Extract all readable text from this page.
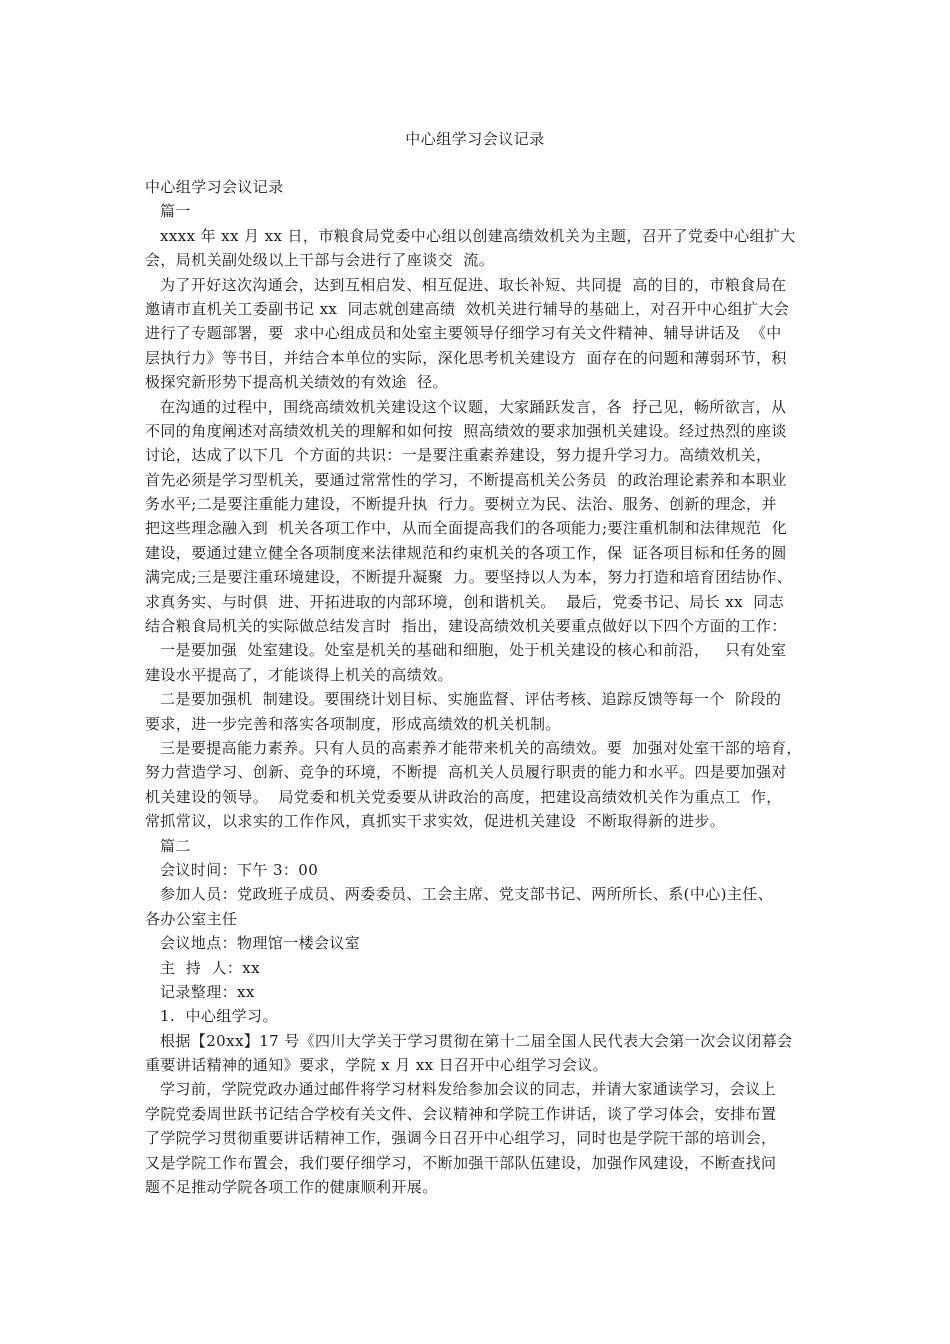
中心组学习会议记录
中心组学习会议记录
篇一
xxxx 年 xx 月 xx 日，市粮食局党委中心组以创建高绩效机关为主题，召开了党委中心组扩大
会，局机关副处级以上干部与会进行了座谈交  流。
为了开好这次沟通会，达到互相启发、相互促进、取长补短、共同提  高的目的，市粮食局在
邀请市直机关工委副书记 xx  同志就创建高绩  效机关进行辅导的基础上，对召开中心组扩大会
进行了专题部署，要  求中心组成员和处室主要领导仔细学习有关文件精神、辅导讲话及  《中
层执行力》等书目，并结合本单位的实际，深化思考机关建设方  面存在的问题和薄弱环节，积
极探究新形势下提高机关绩效的有效途  径。
在沟通的过程中，围绕高绩效机关建设这个议题，大家踊跃发言，各  抒己见，畅所欲言，从
不同的角度阐述对高绩效机关的理解和如何按  照高绩效的要求加强机关建设。经过热烈的座谈
讨论，达成了以下几  个方面的共识：一是要注重素养建设，努力提升学习力。高绩效机关，
首先必须是学习型机关，要通过常常性的学习，不断提高机关公务员  的政治理论素养和本职业
务水平;二是要注重能力建设，不断提升执  行力。要树立为民、法治、服务、创新的理念，并
把这些理念融入到  机关各项工作中，从而全面提高我们的各项能力;要注重机制和法律规范  化
建设，要通过建立健全各项制度来法律规范和约束机关的各项工作，保  证各项目标和任务的圆
满完成;三是要注重环境建设，不断提升凝聚  力。要坚持以人为本，努力打造和培育团结协作、
求真务实、与时俱  进、开拓进取的内部环境，创和谐机关。  最后，党委书记、局长 xx  同志
结合粮食局机关的实际做总结发言时  指出，建设高绩效机关要重点做好以下四个方面的工作：
一是要加强  处室建设。处室是机关的基础和细胞，处于机关建设的核心和前沿，   只有处室
建设水平提高了，才能谈得上机关的高绩效。
二是要加强机  制建设。要围绕计划目标、实施监督、评估考核、追踪反馈等每一个  阶段的
要求，进一步完善和落实各项制度，形成高绩效的机关机制。
三是要提高能力素养。只有人员的高素养才能带来机关的高绩效。要  加强对处室干部的培育，
努力营造学习、创新、竞争的环境，不断提  高机关人员履行职责的能力和水平。四是要加强对
机关建设的领导。  局党委和机关党委要从讲政治的高度，把建设高绩效机关作为重点工  作，
常抓常议，以求实的工作作风，真抓实干求实效，促进机关建设  不断取得新的进步。
篇二
会议时间：下午 3：00
参加人员：党政班子成员、两委委员、工会主席、党支部书记、两所所长、系(中心)主任、
各办公室主任
会议地点：物理馆一楼会议室
主  持  人：xx
记录整理：xx
1.  中心组学习。
根据【20xx】17 号《四川大学关于学习贯彻在第十二届全国人民代表大会第一次会议闭幕会
重要讲话精神的通知》要求，学院 x 月 xx 日召开中心组学习会议。
学习前，学院党政办通过邮件将学习材料发给参加会议的同志，并请大家通读学习，会议上
学院党委周世跃书记结合学校有关文件、会议精神和学院工作讲话，谈了学习体会，安排布置
了学院学习贯彻重要讲话精神工作，强调今日召开中心组学习，同时也是学院干部的培训会，
又是学院工作布置会，我们要仔细学习，不断加强干部队伍建设，加强作风建设，不断查找问
题不足推动学院各项工作的健康顺利开展。
